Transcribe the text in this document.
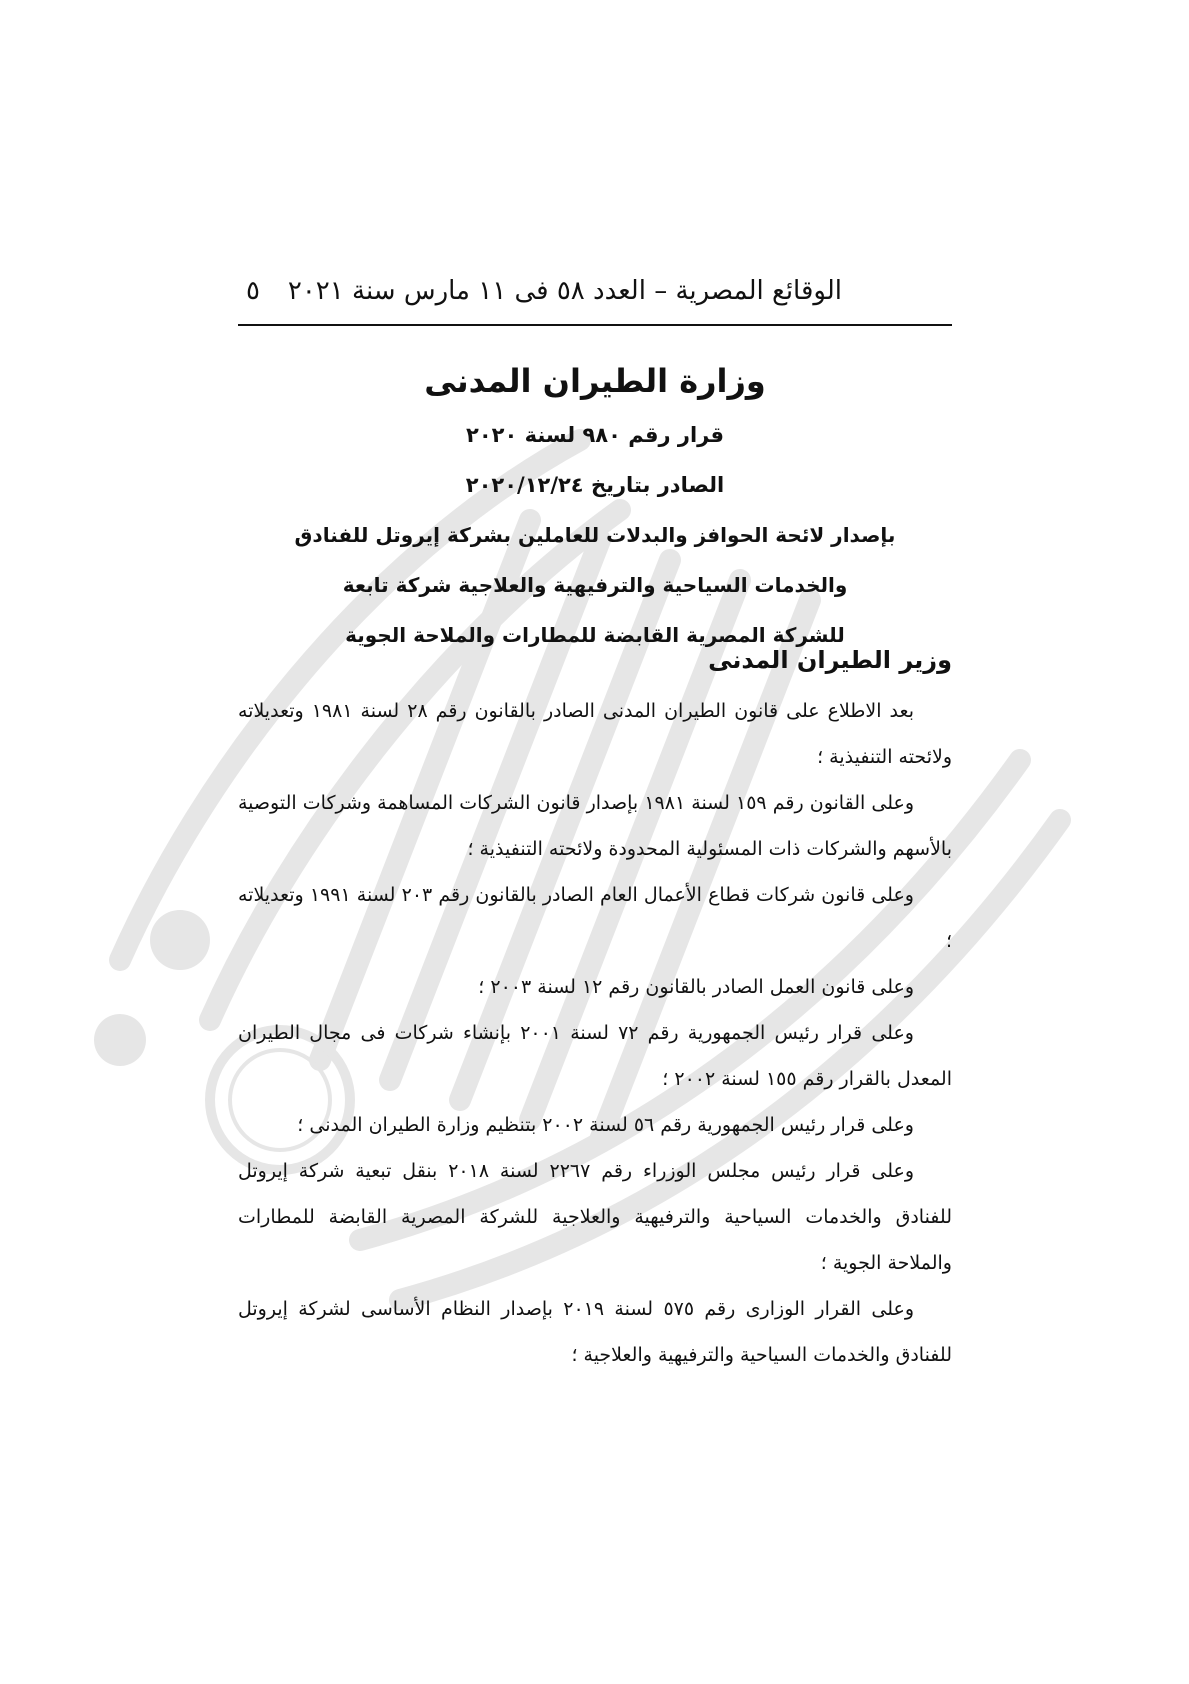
الوقائع المصرية – العدد ٥٨ فى ١١ مارس سنة ٢٠٢١
٥
وزارة الطيران المدنى

قرار رقم ٩٨٠ لسنة ٢٠٢٠

الصادر بتاريخ ٢٠٢٠/١٢/٢٤

بإصدار لائحة الحوافز والبدلات للعاملين بشركة إيروتل للفنادق

والخدمات السياحية والترفيهية والعلاجية شركة تابعة

للشركة المصرية القابضة للمطارات والملاحة الجوية

وزير الطيران المدنى

بعد الاطلاع على قانون الطيران المدنى الصادر بالقانون رقم ٢٨ لسنة ١٩٨١ وتعديلاته ولائحته التنفيذية ؛

وعلى القانون رقم ١٥٩ لسنة ١٩٨١ بإصدار قانون الشركات المساهمة وشركات التوصية بالأسهم والشركات ذات المسئولية المحدودة ولائحته التنفيذية ؛

وعلى قانون شركات قطاع الأعمال العام الصادر بالقانون رقم ٢٠٣ لسنة ١٩٩١ وتعديلاته ؛

وعلى قانون العمل الصادر بالقانون رقم ١٢ لسنة ٢٠٠٣ ؛

وعلى قرار رئيس الجمهورية رقم ٧٢ لسنة ٢٠٠١ بإنشاء شركات فى مجال الطيران المعدل بالقرار رقم ١٥٥ لسنة ٢٠٠٢ ؛

وعلى قرار رئيس الجمهورية رقم ٥٦ لسنة ٢٠٠٢ بتنظيم وزارة الطيران المدنى ؛

وعلى قرار رئيس مجلس الوزراء رقم ٢٢٦٧ لسنة ٢٠١٨ بنقل تبعية شركة إيروتل للفنادق والخدمات السياحية والترفيهية والعلاجية للشركة المصرية القابضة للمطارات والملاحة الجوية ؛

وعلى القرار الوزارى رقم ٥٧٥ لسنة ٢٠١٩ بإصدار النظام الأساسى لشركة إيروتل للفنادق والخدمات السياحية والترفيهية والعلاجية ؛
